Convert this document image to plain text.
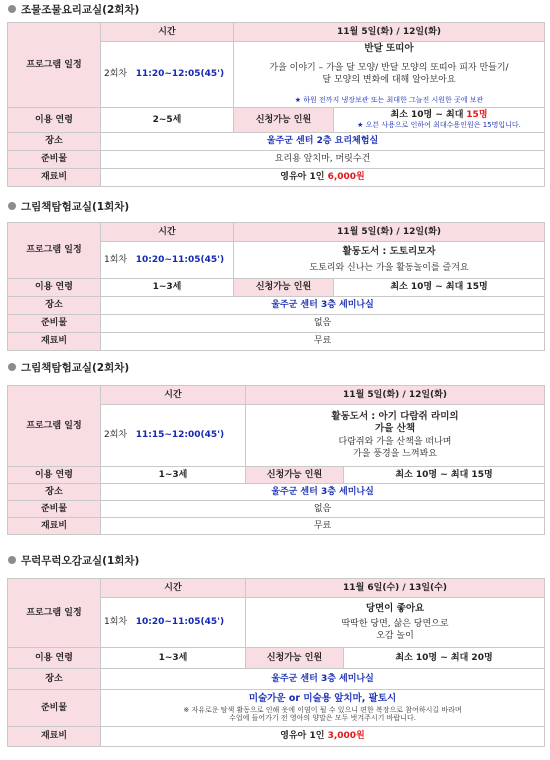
조물조물요리교실(2회차)
프로그램 일정	시간	11월 5일(화) / 12일(화)
	2회차 11:20~12:05(45')	반달 또띠아
가을 이야기 – 가을 달 모양/ 반달 모양의 또띠아 피자 만들기/
달 모양의 변화에 대해 알아보아요
★ 하원 전까지 냉장보관 또는 최대한 그늘진 시원한 곳에 보관

이용 연령	2~5세	신청가능 인원	최소 10명 ~ 최대 15명
★ 오븐 사용으로 인하여 최대수용인원은 15명입니다.

장소	울주군 센터 2층 요리체험실		
준비물	요리용 앞치마, 머릿수건		
재료비	영유아 1인 6,000원		
그림책탐험교실(1회차)
프로그램 일정	시간	11월 5일(화) / 12일(화)	
	1회차 10:20~11:05(45')	활동도서 : 도토리모자
도토리와 신나는 가을 활동놀이를 즐겨요	

이용 연령	1~3세	신청가능 인원	최소 10명 ~ 최대 15명
장소	울주군 센터 3층 세미나실		
준비물	없음		
재료비	무료		
그림책탐험교실(2회차)
프로그램 일정	시간	11월 5일(화) / 12일(화)	
	2회차 11:15~12:00(45')	활동도서 : 아기 다람쥐 라미의
가을 산책
다람쥐와 가을 산책을 떠나며
가을 풍경을 느껴봐요	

이용 연령	1~3세	신청가능 인원	최소 10명 ~ 최대 15명
장소	울주군 센터 3층 세미나실		
준비물	없음		
재료비	무료		
무럭무럭오감교실(1회차)
프로그램 일정	시간	11월 6일(수) / 13일(수)	
	1회차 10:20~11:05(45')	당면이 좋아요
딱딱한 당면, 삶은 당면으로
오감 놀이	

이용 연령	1~3세	신청가능 인원	최소 10명 ~ 최대 20명
장소	울주군 센터 3층 세미나실		
준비물	미술가운 or 미술용 앞치마, 팔토시
※ 자유로운 탐색 활동으로 인해 옷에 이염이 될 수 있으니 편한 복장으로 참여하시길 바라며
수업에 들어가기 전 영아의 양말은 모두 벗겨주시기 바랍니다.		

재료비	영유아 1인 3,000원		
